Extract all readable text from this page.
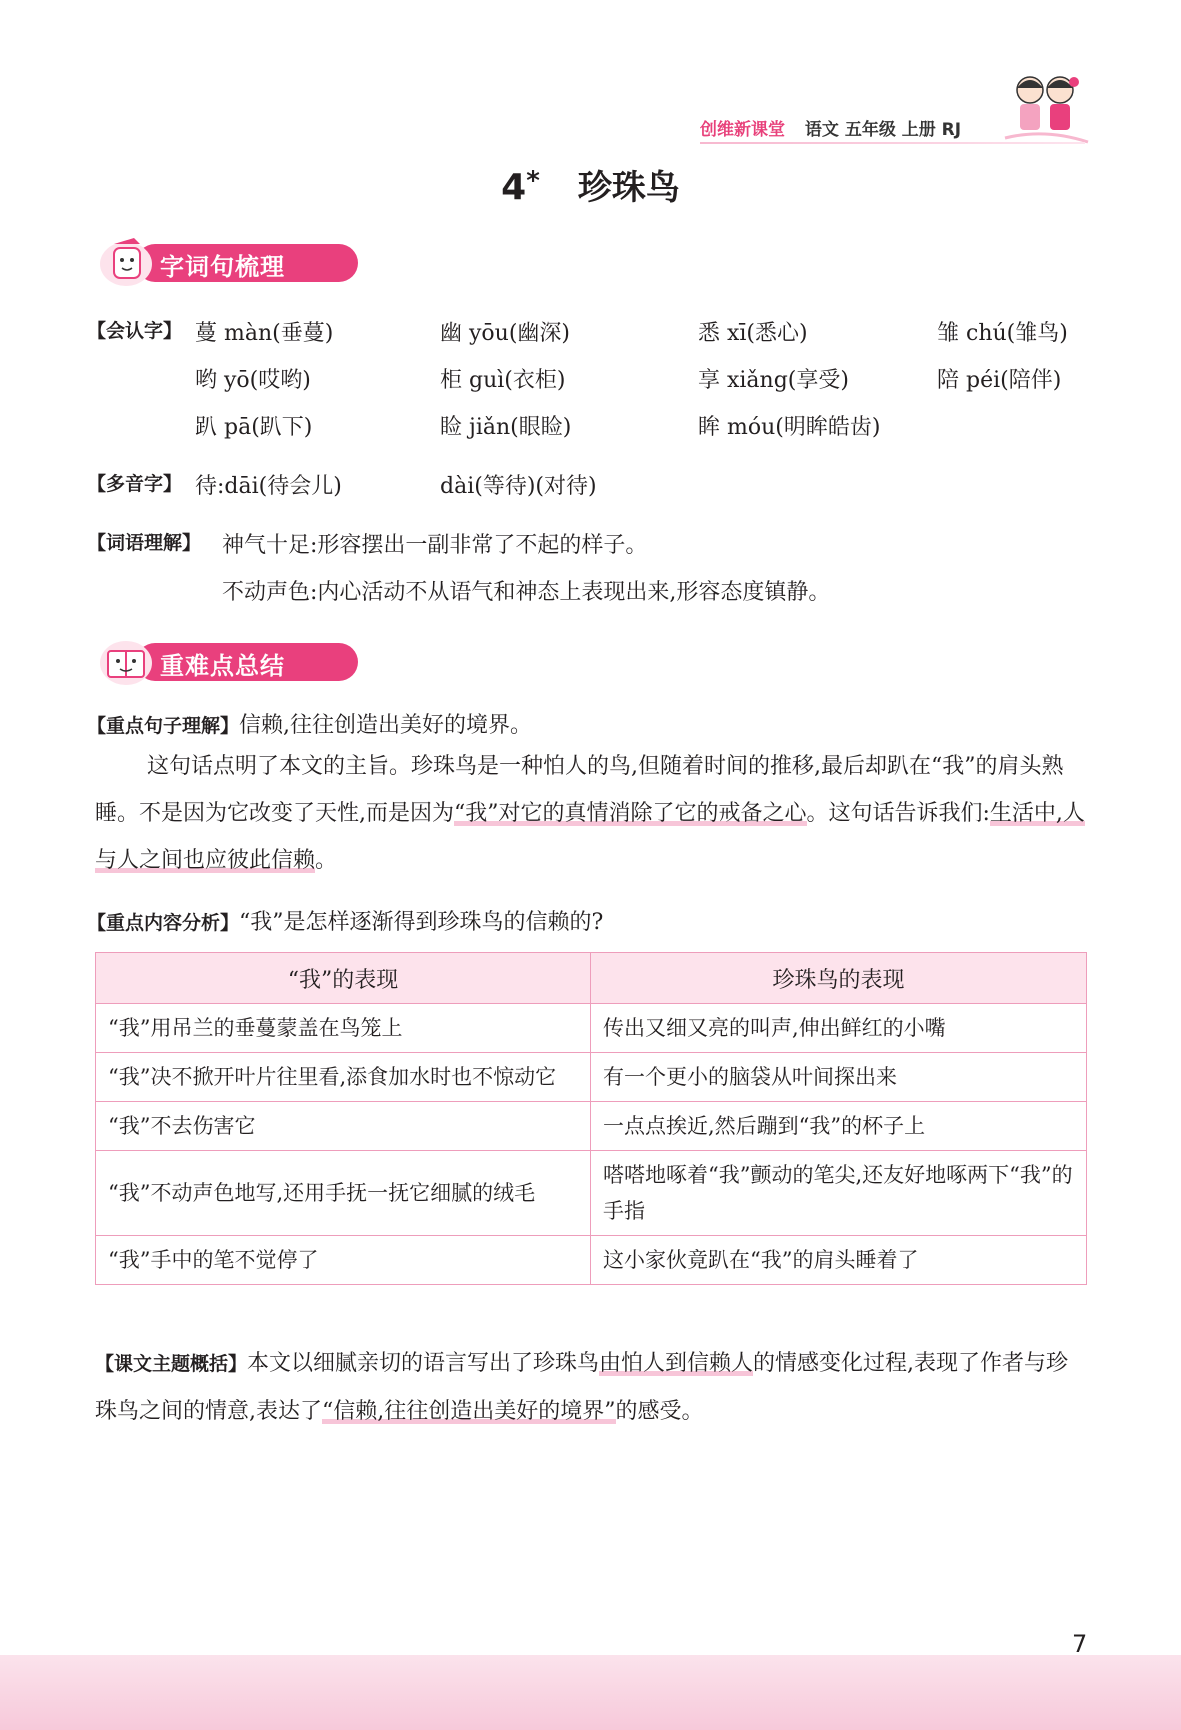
创维新课堂 语文 五年级 上册 RJ
4* 珍珠鸟
字词句梳理
【会认字】 蔓 màn(垂蔓)	幽 yōu(幽深)	悉 xī(悉心)	雏 chú(雏鸟)
哟 yō(哎哟)	柜 guì(衣柜)	享 xiǎng(享受)	陪 péi(陪伴)
趴 pā(趴下)	睑 jiǎn(眼睑)	眸 móu(明眸皓齿)
【多音字】 待:dāi(待会儿)	dài(等待)(对待)
【词语理解】 神气十足:形容摆出一副非常了不起的样子。
不动声色:内心活动不从语气和神态上表现出来,形容态度镇静。
重难点总结
【重点句子理解】信赖,往往创造出美好的境界。
这句话点明了本文的主旨。珍珠鸟是一种怕人的鸟,但随着时间的推移,最后却趴在“我”的肩头熟睡。不是因为它改变了天性,而是因为“我”对它的真情消除了它的戒备之心。这句话告诉我们:生活中,人与人之间也应彼此信赖。
【重点内容分析】“我”是怎样逐渐得到珍珠鸟的信赖的?
“我”的表现	珍珠鸟的表现
“我”用吊兰的垂蔓蒙盖在鸟笼上	传出又细又亮的叫声,伸出鲜红的小嘴
“我”决不掀开叶片往里看,添食加水时也不惊动它	有一个更小的脑袋从叶间探出来
“我”不去伤害它	一点点挨近,然后蹦到“我”的杯子上
“我”不动声色地写,还用手抚一抚它细腻的绒毛	嗒嗒地啄着“我”颤动的笔尖,还友好地啄两下“我”的手指
“我”手中的笔不觉停了	这小家伙竟趴在“我”的肩头睡着了
【课文主题概括】本文以细腻亲切的语言写出了珍珠鸟由怕人到信赖人的情感变化过程,表现了作者与珍珠鸟之间的情意,表达了“信赖,往往创造出美好的境界”的感受。
7
